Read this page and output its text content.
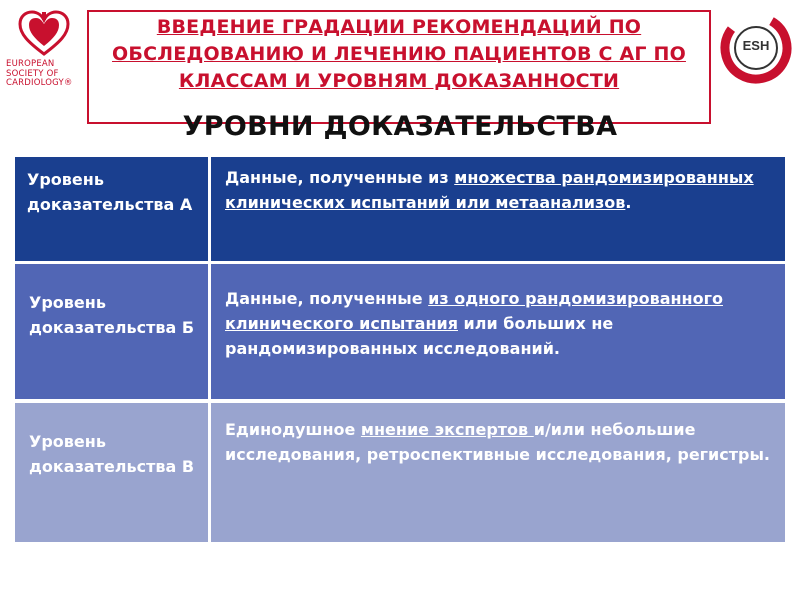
EUROPEAN
SOCIETY OF
CARDIOLOGY®
ESH
ВВЕДЕНИЕ ГРАДАЦИИ РЕКОМЕНДАЦИЙ ПО ОБСЛЕДОВАНИЮ И ЛЕЧЕНИЮ ПАЦИЕНТОВ С АГ ПО КЛАССАМ И УРОВНЯМ ДОКАЗАННОСТИ
УРОВНИ ДОКАЗАТЕЛЬСТВА
Уровень доказательства А
Данные, полученные из множества рандомизированных клинических испытаний или метаанализов.
Уровень доказательства Б
Данные, полученные из одного рандомизированного клинического испытания или больших не рандомизированных исследований.
Уровень доказательства В
Единодушное мнение экспертов и/или небольшие исследования, ретроспективные исследования, регистры.
